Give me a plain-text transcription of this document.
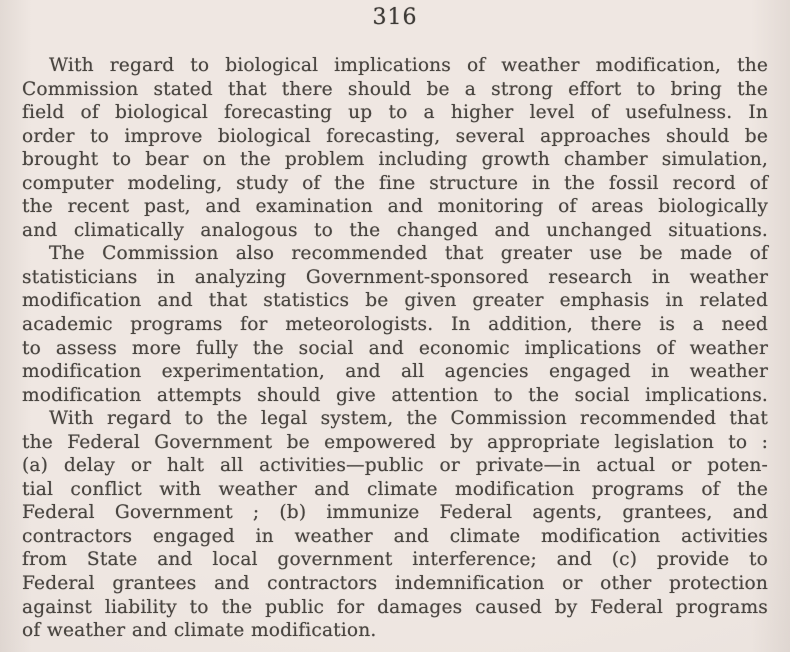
316
With regard to biological implications of weather modification, the
Commission stated that there should be a strong effort to bring the
field of biological forecasting up to a higher level of usefulness. In
order to improve biological forecasting, several approaches should be
brought to bear on the problem including growth chamber simulation,
computer modeling, study of the fine structure in the fossil record of
the recent past, and examination and monitoring of areas biologically
and climatically analogous to the changed and unchanged situations.
The Commission also recommended that greater use be made of
statisticians in analyzing Government-sponsored research in weather
modification and that statistics be given greater emphasis in related
academic programs for meteorologists. In addition, there is a need
to assess more fully the social and economic implications of weather
modification experimentation, and all agencies engaged in weather
modification attempts should give attention to the social implications.
With regard to the legal system, the Commission recommended that
the Federal Government be empowered by appropriate legislation to :
(a) delay or halt all activities—public or private—in actual or poten-
tial conflict with weather and climate modification programs of the
Federal Government ; (b) immunize Federal agents, grantees, and
contractors engaged in weather and climate modification activities
from State and local government interference; and (c) provide to
Federal grantees and contractors indemnification or other protection
against liability to the public for damages caused by Federal programs
of weather and climate modification.
